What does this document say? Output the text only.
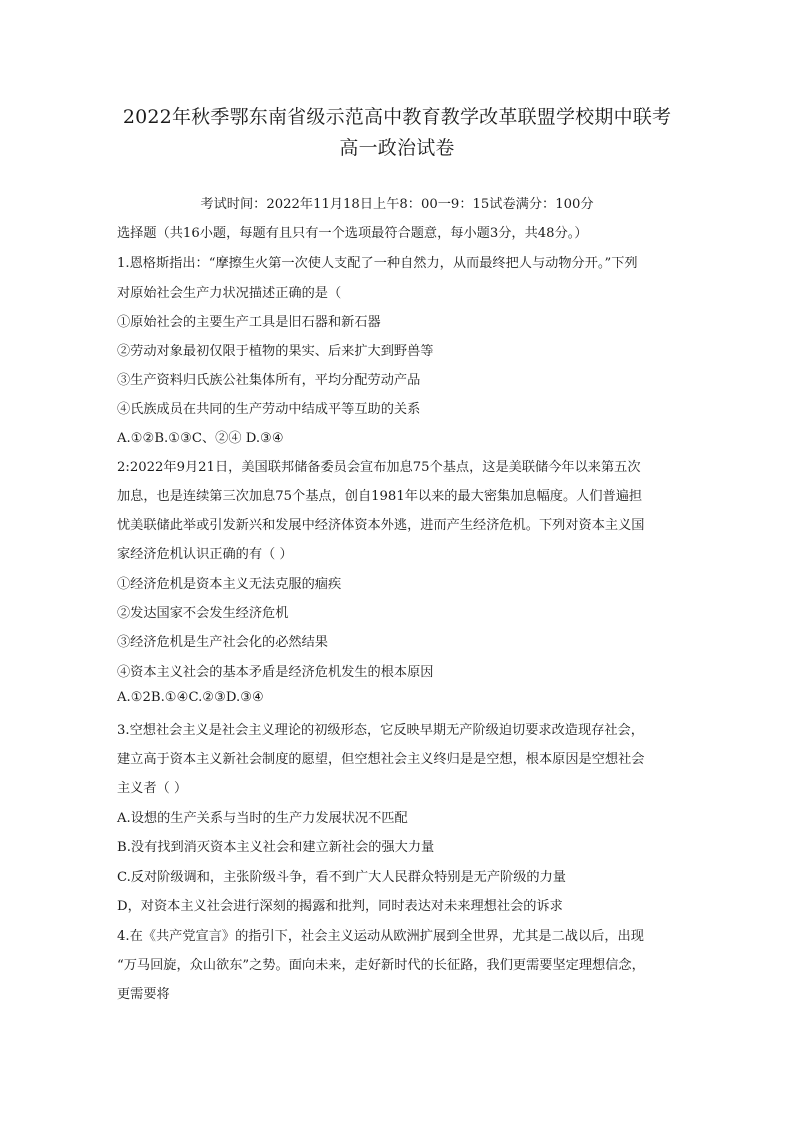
2022年秋季鄂东南省级示范高中教育教学改革联盟学校期中联考
高一政治试卷
考试时间：2022年11月18日上午8：00一9：15试卷满分：100分
选择题（共16小题，每题有且只有一个选项最符合题意，每小题3分，共48分。）
1.恩格斯指出：“摩擦生火第一次使人支配了一种自然力，从而最终把人与动物分开。”下列
对原始社会生产力状况描述正确的是（
①原始社会的主要生产工具是旧石器和新石器
②劳动对象最初仅限于植物的果实、后来扩大到野兽等
③生产资料归氏族公社集体所有，平均分配劳动产品
④氏族成员在共同的生产劳动中结成平等互助的关系
A.①②B.①③C、②④ D.③④
2:2022年9月21日，美国联邦储备委员会宣布加息75个基点，这是美联储今年以来第五次
加息，也是连续第三次加息75个基点，创自1981年以来的最大密集加息幅度。人们普遍担
忧美联储此举或引发新兴和发展中经济体资本外逃，进而产生经济危机。下列对资本主义国
家经济危机认识正确的有（ ）
①经济危机是资本主义无法克服的痼疾
②发达国家不会发生经济危机
③经济危机是生产社会化的必然结果
④资本主义社会的基本矛盾是经济危机发生的根本原因
A.①2B.①④C.②③D.③④
3.空想社会主义是社会主义理论的初级形态，它反映早期无产阶级迫切要求改造现存社会，
建立高于资本主义新社会制度的愿望，但空想社会主义终归是是空想，根本原因是空想社会
主义者（ ）
A.设想的生产关系与当时的生产力发展状况不匹配
B.没有找到消灭资本主义社会和建立新社会的强大力量
C.反对阶级调和，主张阶级斗争，看不到广大人民群众特别是无产阶级的力量
D，对资本主义社会进行深刻的揭露和批判，同时表达对未来理想社会的诉求
4.在《共产党宣言》的指引下，社会主义运动从欧洲扩展到全世界，尤其是二战以后，出现
“万马回旋，众山欲东”之势。面向未来，走好新时代的长征路，我们更需要坚定理想信念，
更需要将
